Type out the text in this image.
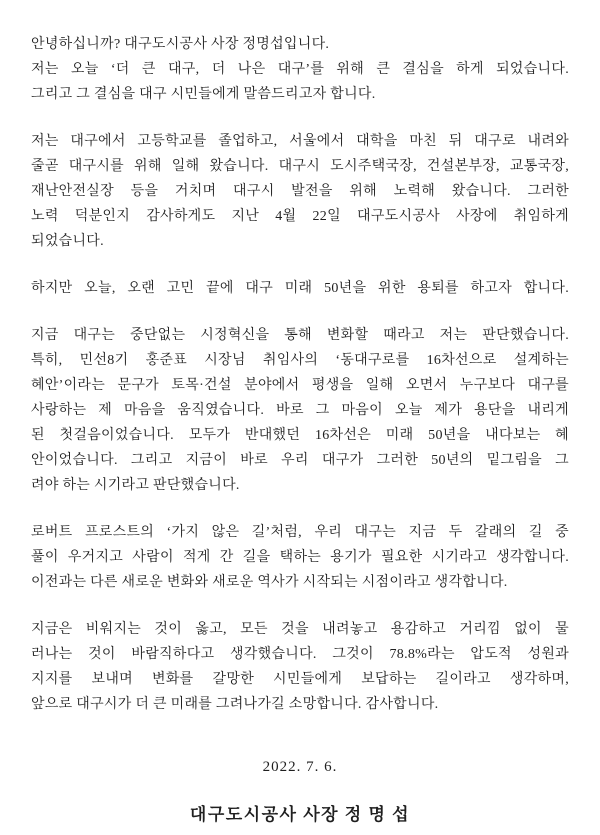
안녕하십니까? 대구도시공사 사장 정명섭입니다.
저는 오늘 ‘더 큰 대구, 더 나은 대구’를 위해 큰 결심을 하게 되었습니다.
그리고 그 결심을 대구 시민들에게 말씀드리고자 합니다.
저는 대구에서 고등학교를 졸업하고, 서울에서 대학을 마친 뒤 대구로 내려와
줄곧 대구시를 위해 일해 왔습니다. 대구시 도시주택국장, 건설본부장, 교통국장,
재난안전실장 등을 거치며 대구시 발전을 위해 노력해 왔습니다. 그러한
노력 덕분인지 감사하게도 지난 4월 22일 대구도시공사 사장에 취임하게
되었습니다.
하지만 오늘, 오랜 고민 끝에 대구 미래 50년을 위한 용퇴를 하고자 합니다.
지금 대구는 중단없는 시정혁신을 통해 변화할 때라고 저는 판단했습니다.
특히, 민선8기 홍준표 시장님 취임사의 ‘동대구로를 16차선으로 설계하는
혜안’이라는 문구가 토목·건설 분야에서 평생을 일해 오면서 누구보다 대구를
사랑하는 제 마음을 움직였습니다. 바로 그 마음이 오늘 제가 용단을 내리게
된 첫걸음이었습니다. 모두가 반대했던 16차선은 미래 50년을 내다보는 혜
안이었습니다. 그리고 지금이 바로 우리 대구가 그러한 50년의 밑그림을 그
려야 하는 시기라고 판단했습니다.
로버트 프로스트의 ‘가지 않은 길’처럼, 우리 대구는 지금 두 갈래의 길 중
풀이 우거지고 사람이 적게 간 길을 택하는 용기가 필요한 시기라고 생각합니다.
이전과는 다른 새로운 변화와 새로운 역사가 시작되는 시점이라고 생각합니다.
지금은 비워지는 것이 옳고, 모든 것을 내려놓고 용감하고 거리낌 없이 물
러나는 것이 바람직하다고 생각했습니다. 그것이 78.8%라는 압도적 성원과
지지를 보내며 변화를 갈망한 시민들에게 보답하는 길이라고 생각하며,
앞으로 대구시가 더 큰 미래를 그려나가길 소망합니다. 감사합니다.
2022. 7. 6.
대구도시공사 사장 정 명 섭
